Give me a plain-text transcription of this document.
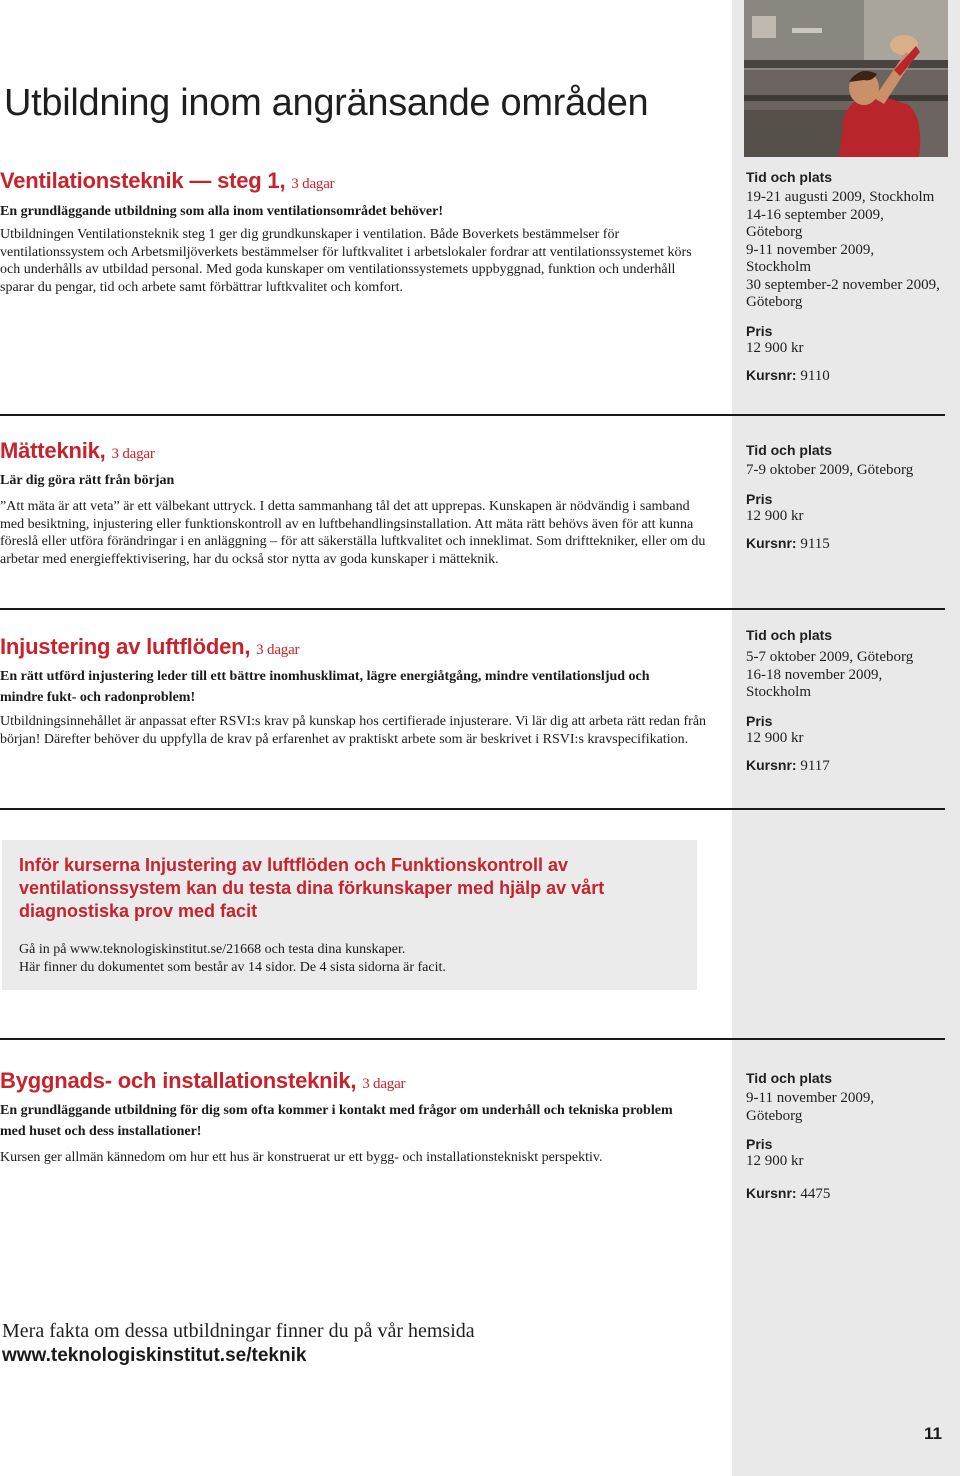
Utbildning inom angränsande områden
Ventilationsteknik — steg 1, 3 dagar

En grundläggande utbildning som alla inom ventilationsområdet behöver!

Utbildningen Ventilationsteknik steg 1 ger dig grundkunskaper i ventilation. Både Boverkets bestämmelser för ventilationssystem och Arbetsmiljöverkets bestämmelser för luftkvalitet i arbetslokaler fordrar att ventilationssystemet körs och underhålls av utbildad personal. Med goda kunskaper om ventilationssystemets uppbyggnad, funktion och underhåll sparar du pengar, tid och arbete samt förbättrar luftkvalitet och komfort.

Tid och plats
19-21 augusti 2009, Stockholm
14-16 september 2009,
Göteborg
9-11 november 2009,
Stockholm
30 september-2 november 2009,
Göteborg
Pris
12 900 kr
Kursnr: 9110
Mätteknik, 3 dagar

Lär dig göra rätt från början

”Att mäta är att veta” är ett välbekant uttryck. I detta sammanhang tål det att upprepas. Kunskapen är nödvändig i samband med besiktning, injustering eller funktionskontroll av en luftbehandlingsinstallation. Att mäta rätt behövs även för att kunna föreslå eller utföra förändringar i en anläggning – för att säkerställa luftkvalitet och inneklimat. Som drifttekniker, eller om du arbetar med energieffektivisering, har du också stor nytta av goda kunskaper i mätteknik.

Tid och plats
7-9 oktober 2009, Göteborg
Pris
12 900 kr
Kursnr: 9115
Injustering av luftflöden, 3 dagar

En rätt utförd injustering leder till ett bättre inomhusklimat, lägre energiåtgång, mindre ventilationsljud och mindre fukt- och radonproblem!

Utbildningsinnehållet är anpassat efter RSVI:s krav på kunskap hos certifierade injusterare. Vi lär dig att arbeta rätt redan från början! Därefter behöver du uppfylla de krav på erfarenhet av praktiskt arbete som är beskrivet i RSVI:s kravspecifikation.

Tid och plats
5-7 oktober 2009, Göteborg
16-18 november 2009,
Stockholm
Pris
12 900 kr
Kursnr: 9117

Inför kurserna Injustering av luftflöden och Funktionskontroll av ventilationssystem kan du testa dina förkunskaper med hjälp av vårt diagnostiska prov med facit

Gå in på www.teknologiskinstitut.se/21668 och testa dina kunskaper.
Här finner du dokumentet som består av 14 sidor. De 4 sista sidorna är facit.

Byggnads- och installationsteknik, 3 dagar

En grundläggande utbildning för dig som ofta kommer i kontakt med frågor om underhåll och tekniska problem med huset och dess installationer!

Kursen ger allmän kännedom om hur ett hus är konstruerat ur ett bygg- och installationstekniskt perspektiv.

Tid och plats
9-11 november 2009,
Göteborg
Pris
12 900 kr
Kursnr: 4475

Mera fakta om dessa utbildningar finner du på vår hemsida

www.teknologiskinstitut.se/teknik

11
